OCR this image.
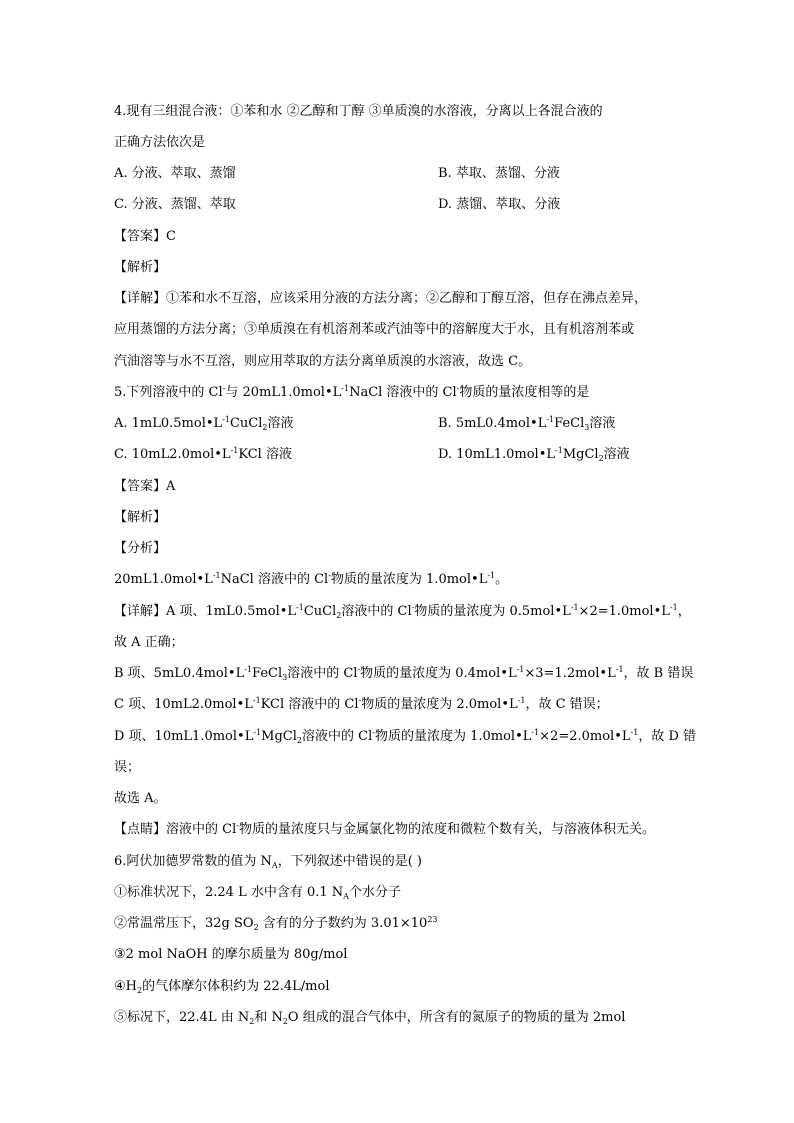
4.现有三组混合液：①苯和水 ②乙醇和丁醇 ③单质溴的水溶液，分离以上各混合液的
正确方法依次是
A. 分液、萃取、蒸馏	B. 萃取、蒸馏、分液
C. 分液、蒸馏、萃取	D. 蒸馏、萃取、分液
【答案】C
【解析】
【详解】①苯和水不互溶，应该采用分液的方法分离；②乙醇和丁醇互溶，但存在沸点差异，
应用蒸馏的方法分离；③单质溴在有机溶剂苯或汽油等中的溶解度大于水，且有机溶剂苯或
汽油溶等与水不互溶，则应用萃取的方法分离单质溴的水溶液，故选 C。
5.下列溶液中的 Cl-与 $20mL1.0mol•L^{-1}NaCl$ 溶液中的 Cl-物质的量浓度相等的是
A. $1mL0.5mol•L^{-1}CuCl_2$溶液	B. $5mL0.4mol•L^{-1}FeCl_3$溶液
C. $10mL2.0mol•L^{-1}KCl$ 溶液	D. $10mL1.0mol•L^{-1}MgCl_2$溶液
【答案】A
【解析】
【分析】
$20mL1.0mol•L^{-1}NaCl$ 溶液中的 Cl-物质的量浓度为 $1.0mol•L^{-1}$。
【详解】A 项、$1mL0.5mol•L^{-1}CuCl_2$溶液中的 Cl-物质的量浓度为 $0.5mol•L^{-1}\times 2=1.0mol•L^{-1}$，
故 A 正确；
B 项、$5mL0.4mol•L^{-1}FeCl_3$溶液中的 Cl-物质的量浓度为 $0.4mol•L^{-1}\times 3=1.2mol•L^{-1}$，故 B 错误
C 项、$10mL2.0mol•L^{-1}KCl$ 溶液中的 Cl-物质的量浓度为 $2.0mol•L^{-1}$，故 C 错误；
D 项、$10mL1.0mol•L^{-1}MgCl_2$溶液中的 Cl-物质的量浓度为 $1.0mol•L^{-1}\times 2=2.0mol•L^{-1}$，故 D 错
误；
故选 A。
【点睛】溶液中的 Cl-物质的量浓度只与金属氯化物的浓度和微粒个数有关，与溶液体积无关。
6.阿伏加德罗常数的值为 $N_A$，下列叙述中错误的是( )
①标准状况下，2.24 L 水中含有 0.1 $N_A$个水分子
②常温常压下，32g $SO_2$ 含有的分子数约为 $3.01\times 10^{23}$
③2 mol NaOH 的摩尔质量为 80g/mol
$④H_2$的气体摩尔体积约为 22.4L/mol
⑤标况下，22.4L 由 $N_2$和 $N_2O$ 组成的混合气体中，所含有的氮原子的物质的量为 2mol
